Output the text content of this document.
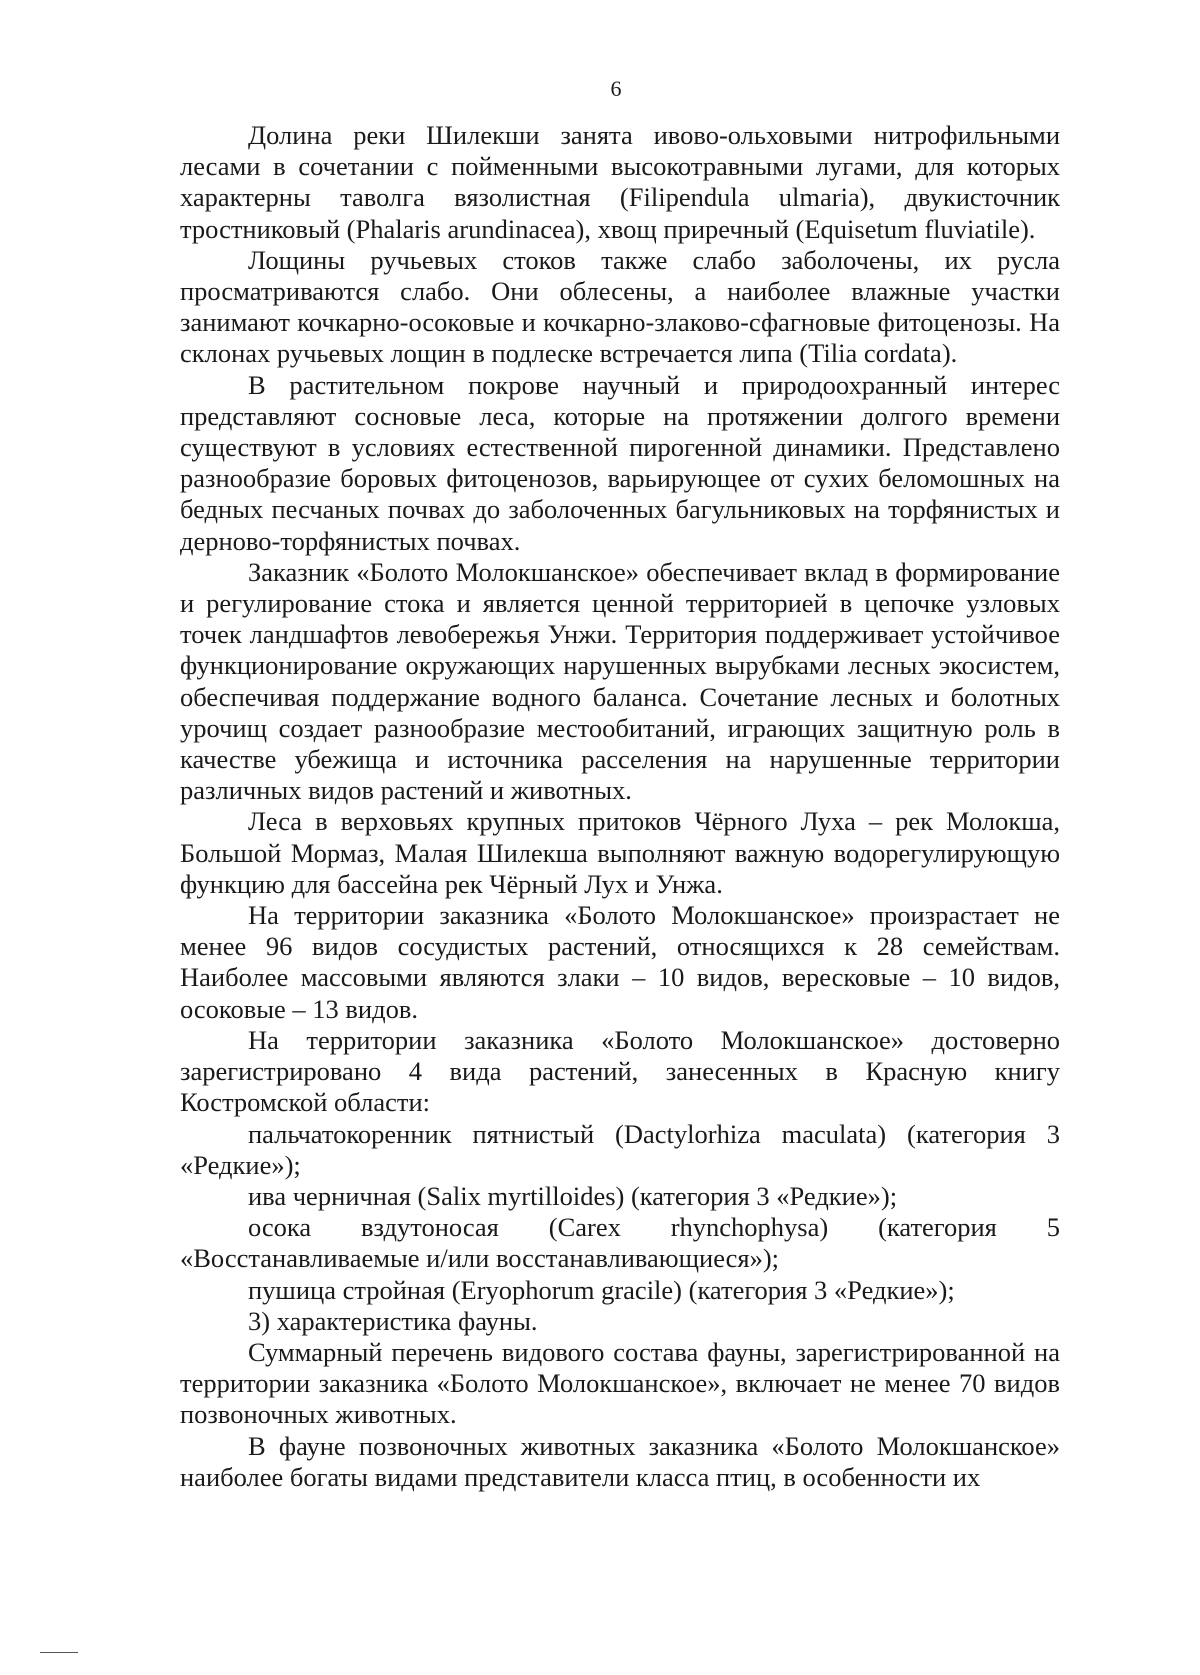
6

Долина реки Шилекши занята ивово-ольховыми нитрофильными лесами в сочетании с пойменными высокотравными лугами, для которых характерны таволга вязолистная (Filipendula ulmaria), двукисточник тростниковый (Phalaris arundinacea), хвощ приречный (Equisetum fluviatile).

Лощины ручьевых стоков также слабо заболочены, их русла просматриваются слабо. Они облесены, а наиболее влажные участки занимают кочкарно-осоковые и кочкарно-злаково-сфагновые фитоценозы. На склонах ручьевых лощин в подлеске встречается липа (Tilia cordata).

В растительном покрове научный и природоохранный интерес представляют сосновые леса, которые на протяжении долгого времени существуют в условиях естественной пирогенной динамики. Представлено разнообразие боровых фитоценозов, варьирующее от сухих беломошных на бедных песчаных почвах до заболоченных багульниковых на торфянистых и дерново-торфянистых почвах.

Заказник «Болото Молокшанское» обеспечивает вклад в формирование и регулирование стока и является ценной территорией в цепочке узловых точек ландшафтов левобережья Унжи. Территория поддерживает устойчивое функционирование окружающих нарушенных вырубками лесных экосистем, обеспечивая поддержание водного баланса. Сочетание лесных и болотных урочищ создает разнообразие местообитаний, играющих защитную роль в качестве убежища и источника расселения на нарушенные территории различных видов растений и животных.

Леса в верховьях крупных притоков Чёрного Луха – рек Молокша, Большой Мормаз, Малая Шилекша выполняют важную водорегулирующую функцию для бассейна рек Чёрный Лух и Унжа.

На территории заказника «Болото Молокшанское» произрастает не менее 96 видов сосудистых растений, относящихся к 28 семействам. Наиболее массовыми являются злаки – 10 видов, вересковые – 10 видов, осоковые – 13 видов.

На территории заказника «Болото Молокшанское» достоверно зарегистрировано 4 вида растений, занесенных в Красную книгу Костромской области:

пальчатокоренник пятнистый (Dactylorhiza maculata) (категория 3 «Редкие»);

ива черничная (Salix myrtilloides) (категория 3 «Редкие»);

осока вздутоносая (Carex rhynchophysa) (категория 5 «Восстанавливаемые и/или восстанавливающиеся»);

пушица стройная (Eryophorum gracile) (категория 3 «Редкие»);

3) характеристика фауны.

Суммарный перечень видового состава фауны, зарегистрированной на территории заказника «Болото Молокшанское», включает не менее 70 видов позвоночных животных.

В фауне позвоночных животных заказника «Болото Молокшанское» наиболее богаты видами представители класса птиц, в особенности их
